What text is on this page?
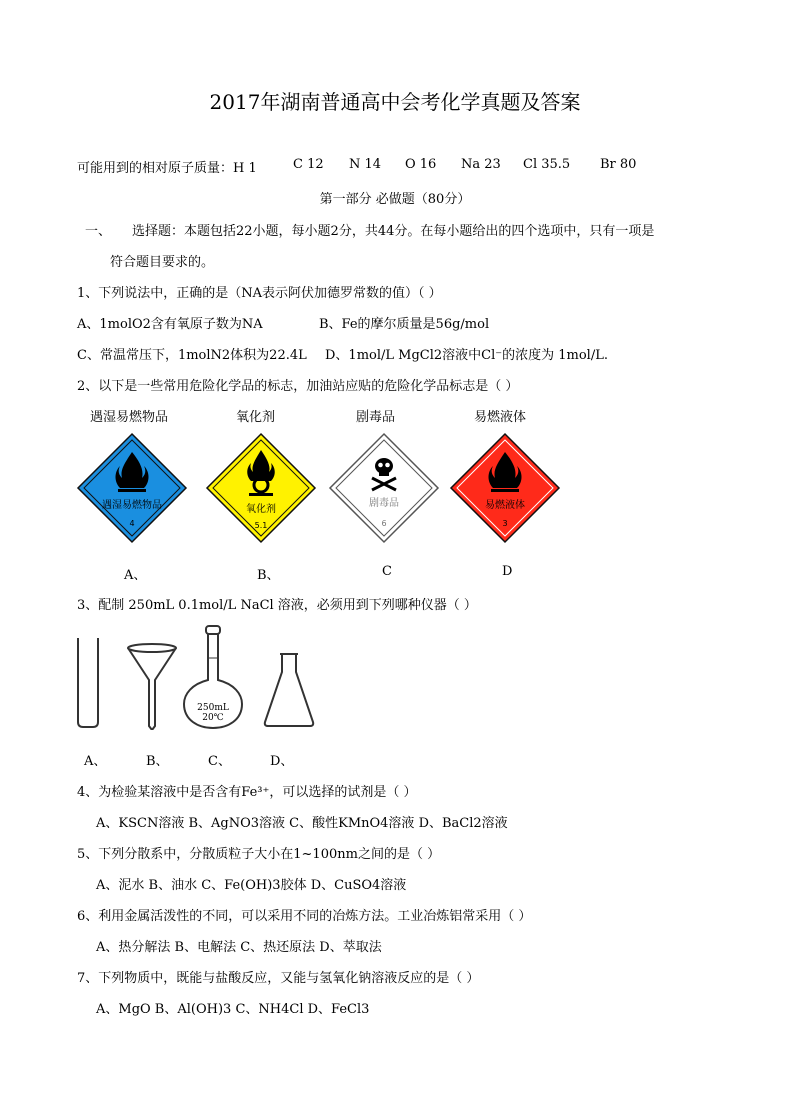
2017年湖南普通高中会考化学真题及答案
可能用到的相对原子质量：H 1	C 12 N 14 O 16 Na 23 Cl 35.5 Br 80
第一部分 必做题（80分）
一、 选择题：本题包括22小题，每小题2分，共44分。在每小题给出的四个选项中，只有一项是
符合题目要求的。
1、下列说法中，正确的是（NA表示阿伏加德罗常数的值）（ ）
A、1molO2含有氧原子数为NA	B、Fe的摩尔质量是56g/mol
C、常温常压下，1molN2体积为22.4L D、1mol/L MgCl2溶液中Cl⁻的浓度为 1mol/L.
2、以下是一些常用危险化学品的标志，加油站应贴的危险化学品标志是（ ）
遇湿易燃物品	氧化剂	剧毒品	易燃液体
遇湿易燃物品
4
氧化剂
5.1
剧毒品
6
易燃液体
3
A、	B、	C	D
3、配制 250mL 0.1mol/L NaCl 溶液，必须用到下列哪种仪器（ ）
250mL
20℃
A、	B、	C、	D、
4、为检验某溶液中是否含有Fe³⁺，可以选择的试剂是（ ）
A、KSCN溶液 B、AgNO3溶液 C、酸性KMnO4溶液 D、BaCl2溶液
5、下列分散系中，分散质粒子大小在1~100nm之间的是（ ）
A、泥水 B、油水 C、Fe(OH)3胶体 D、CuSO4溶液
6、利用金属活泼性的不同，可以采用不同的冶炼方法。工业冶炼铝常采用（ ）
A、热分解法 B、电解法 C、热还原法 D、萃取法
7、下列物质中，既能与盐酸反应，又能与氢氧化钠溶液反应的是（ ）
A、MgO B、Al(OH)3 C、NH4Cl D、FeCl3
